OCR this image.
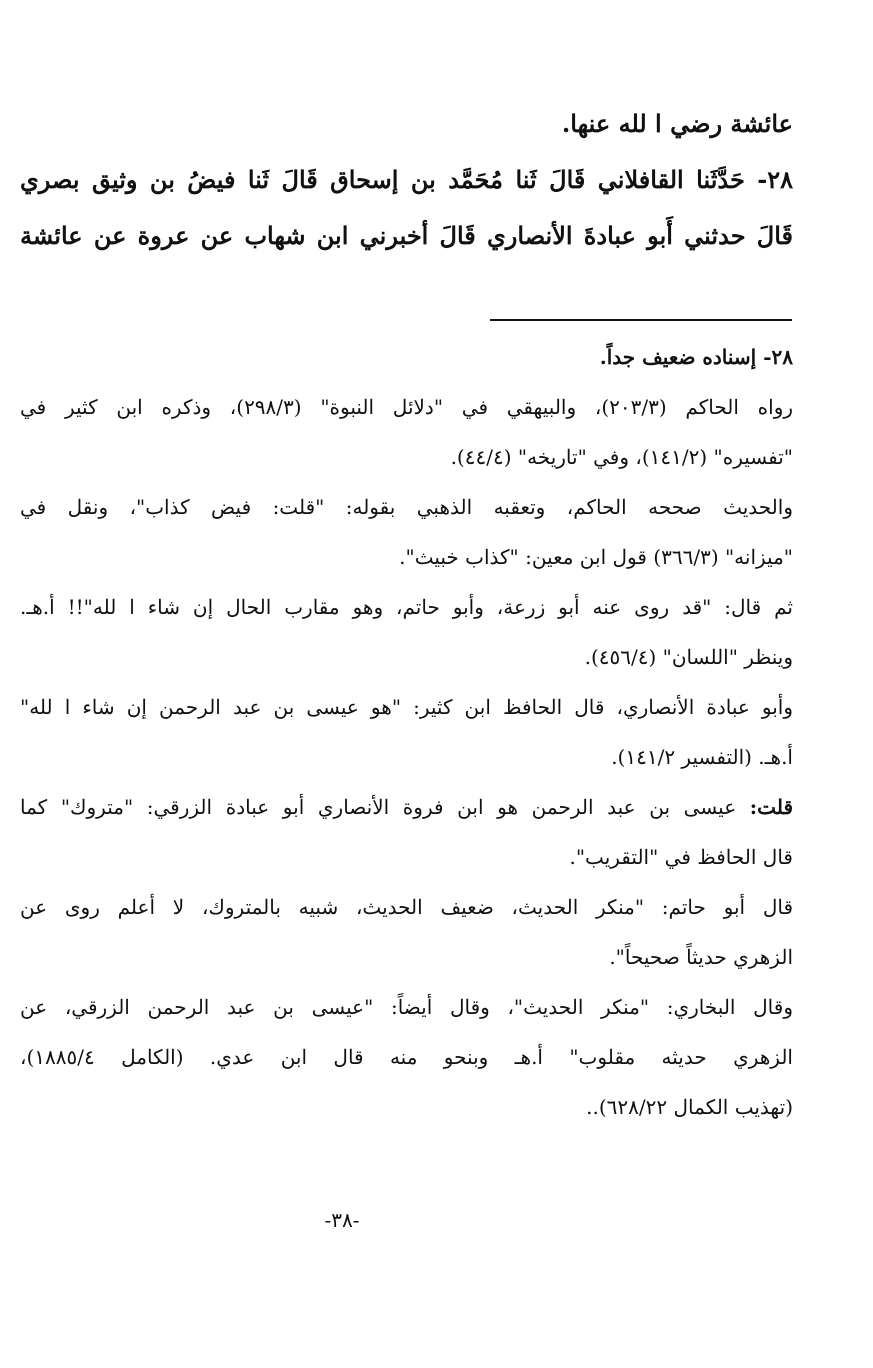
عائشة رضي ا لله عنها.
٢٨- حَدَّثَنا القافلاني قَالَ ثَنا مُحَمَّد بن إسحاق قَالَ ثَنا فيضُ بن وثيق بصري
قَالَ حدثني أَبو عبادةَ الأنصاري قَالَ أخبرني ابن شهاب عن عروة عن عائشة
٢٨- إسناده ضعيف جداً.
رواه الحاكم (٢٠٣/٣)، والبيهقي في "دلائل النبوة" (٢٩٨/٣)، وذكره ابن كثير في
"تفسيره" (١٤١/٢)، وفي "تاريخه" (٤٤/٤).
والحديث صححه الحاكم، وتعقبه الذهبي بقوله: "قلت: فيض كذاب"، ونقل في
"ميزانه" (٣٦٦/٣) قول ابن معين: "كذاب خبيث".
ثم قال: "قد روى عنه أبو زرعة، وأبو حاتم، وهو مقارب الحال إن شاء ا لله"!! أ.هـ.
وينظر "اللسان" (٤٥٦/٤).
وأبو عبادة الأنصاري، قال الحافظ ابن كثير: "هو عيسى بن عبد الرحمن إن شاء ا لله"
أ.هـ. (التفسير ١٤١/٢).
قلت: عيسى بن عبد الرحمن هو ابن فروة الأنصاري أبو عبادة الزرقي: "متروك" كما
قال الحافظ في "التقريب".
قال أبو حاتم: "منكر الحديث، ضعيف الحديث، شبيه بالمتروك، لا أعلم روى عن
الزهري حديثاً صحيحاً".
وقال البخاري: "منكر الحديث"، وقال أيضاً: "عيسى بن عبد الرحمن الزرقي، عن
الزهري حديثه مقلوب" أ.هـ وبنحو منه قال ابن عدي. (الكامل ١٨٨٥/٤)،
(تهذيب الكمال ٦٢٨/٢٢)..
-٣٨-
